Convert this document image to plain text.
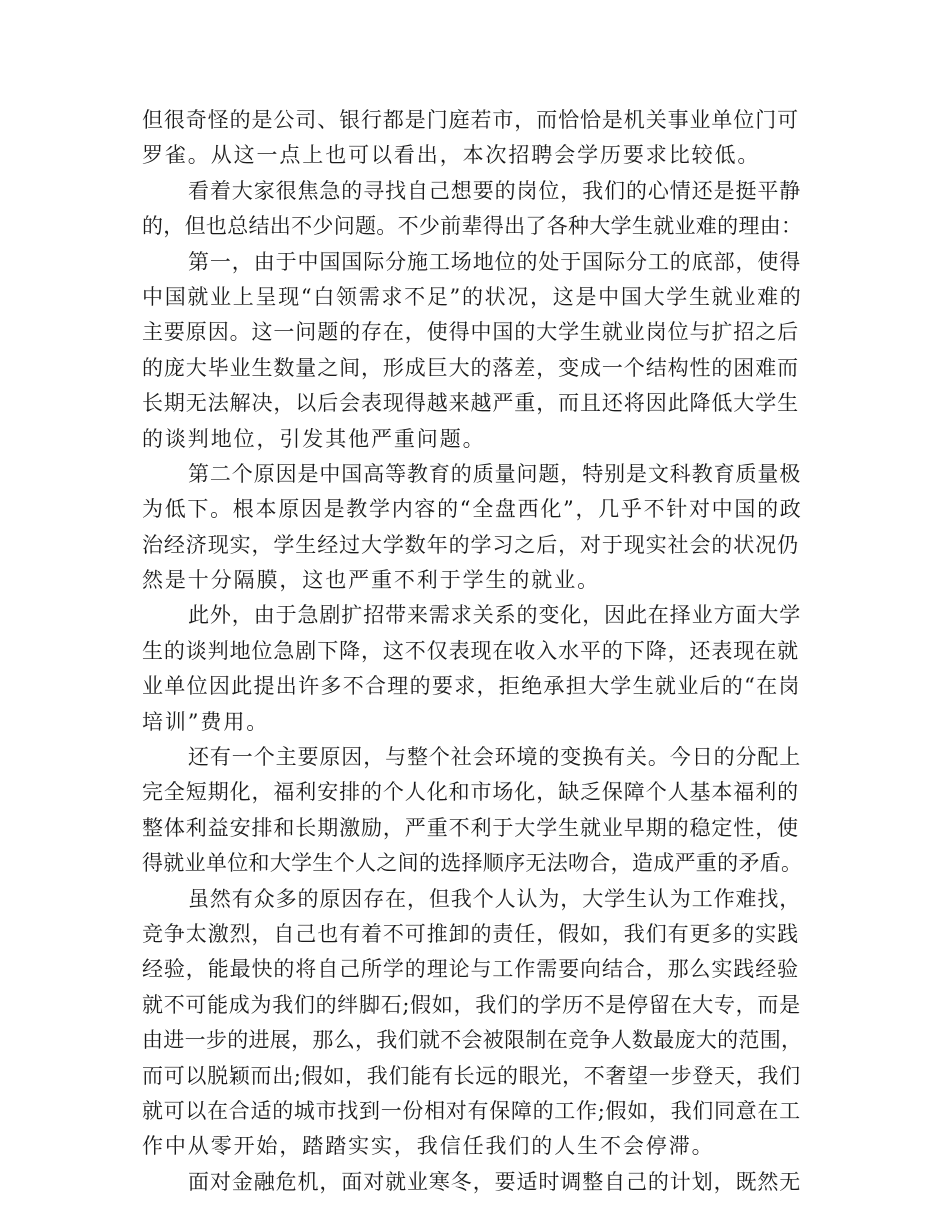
但很奇怪的是公司、银行都是门庭若市，而恰恰是机关事业单位门可
罗雀。从这一点上也可以看出，本次招聘会学历要求比较低。
看着大家很焦急的寻找自己想要的岗位，我们的心情还是挺平静
的，但也总结出不少问题。不少前辈得出了各种大学生就业难的理由：
第一，由于中国国际分施工场地位的处于国际分工的底部，使得
中国就业上呈现“白领需求不足”的状况，这是中国大学生就业难的
主要原因。这一问题的存在，使得中国的大学生就业岗位与扩招之后
的庞大毕业生数量之间，形成巨大的落差，变成一个结构性的困难而
长期无法解决，以后会表现得越来越严重，而且还将因此降低大学生
的谈判地位，引发其他严重问题。
第二个原因是中国高等教育的质量问题，特别是文科教育质量极
为低下。根本原因是教学内容的“全盘西化”，几乎不针对中国的政
治经济现实，学生经过大学数年的学习之后，对于现实社会的状况仍
然是十分隔膜，这也严重不利于学生的就业。
此外，由于急剧扩招带来需求关系的变化，因此在择业方面大学
生的谈判地位急剧下降，这不仅表现在收入水平的下降，还表现在就
业单位因此提出许多不合理的要求，拒绝承担大学生就业后的“在岗
培训”费用。
还有一个主要原因，与整个社会环境的变换有关。今日的分配上
完全短期化，福利安排的个人化和市场化，缺乏保障个人基本福利的
整体利益安排和长期激励，严重不利于大学生就业早期的稳定性，使
得就业单位和大学生个人之间的选择顺序无法吻合，造成严重的矛盾。
虽然有众多的原因存在，但我个人认为，大学生认为工作难找，
竞争太激烈，自己也有着不可推卸的责任，假如，我们有更多的实践
经验，能最快的将自己所学的理论与工作需要向结合，那么实践经验
就不可能成为我们的绊脚石;假如，我们的学历不是停留在大专，而是
由进一步的进展，那么，我们就不会被限制在竞争人数最庞大的范围，
而可以脱颖而出;假如，我们能有长远的眼光，不奢望一步登天，我们
就可以在合适的城市找到一份相对有保障的工作;假如，我们同意在工
作中从零开始，踏踏实实，我信任我们的人生不会停滞。
面对金融危机，面对就业寒冬，要适时调整自己的计划，既然无
